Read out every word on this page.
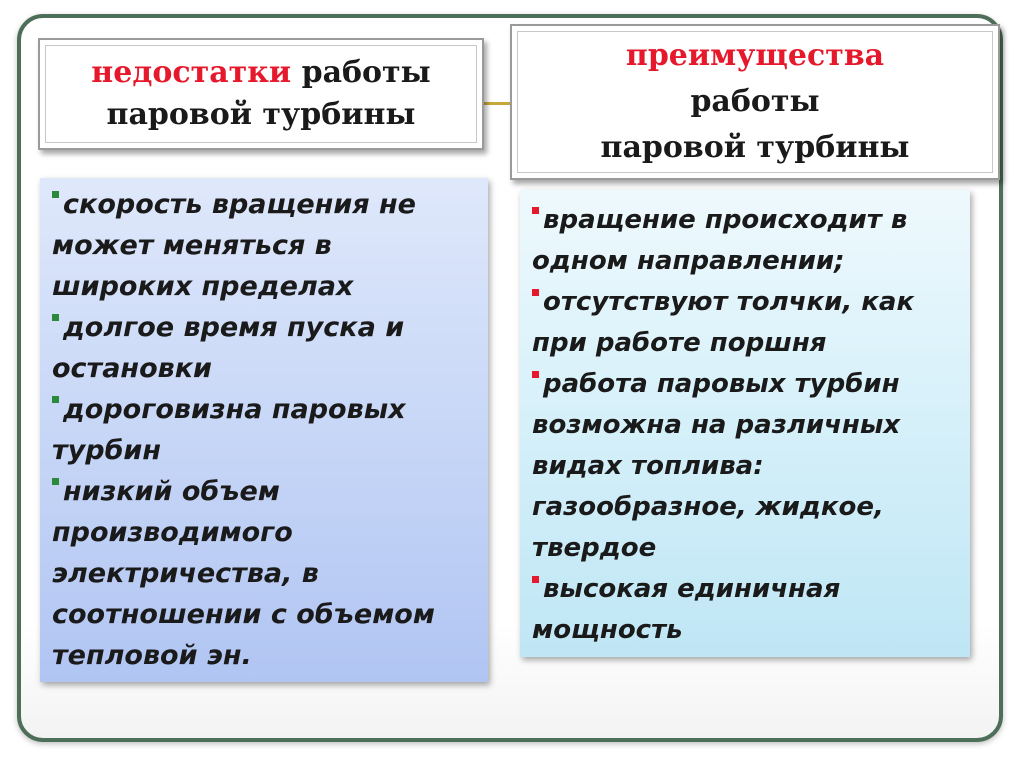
недостатки работы
паровой турбины
преимущества
работы
паровой турбины

скорость вращения не может меняться в широких пределах

долгое время пуска и остановки

дороговизна паровых турбин

низкий объем производимого электричества, в соотношении с объемом тепловой эн.

вращение происходит в одном направлении;

отсутствуют толчки, как при работе поршня

работа паровых турбин возможна на различных видах топлива: газообразное, жидкое, твердое

высокая единичная мощность
